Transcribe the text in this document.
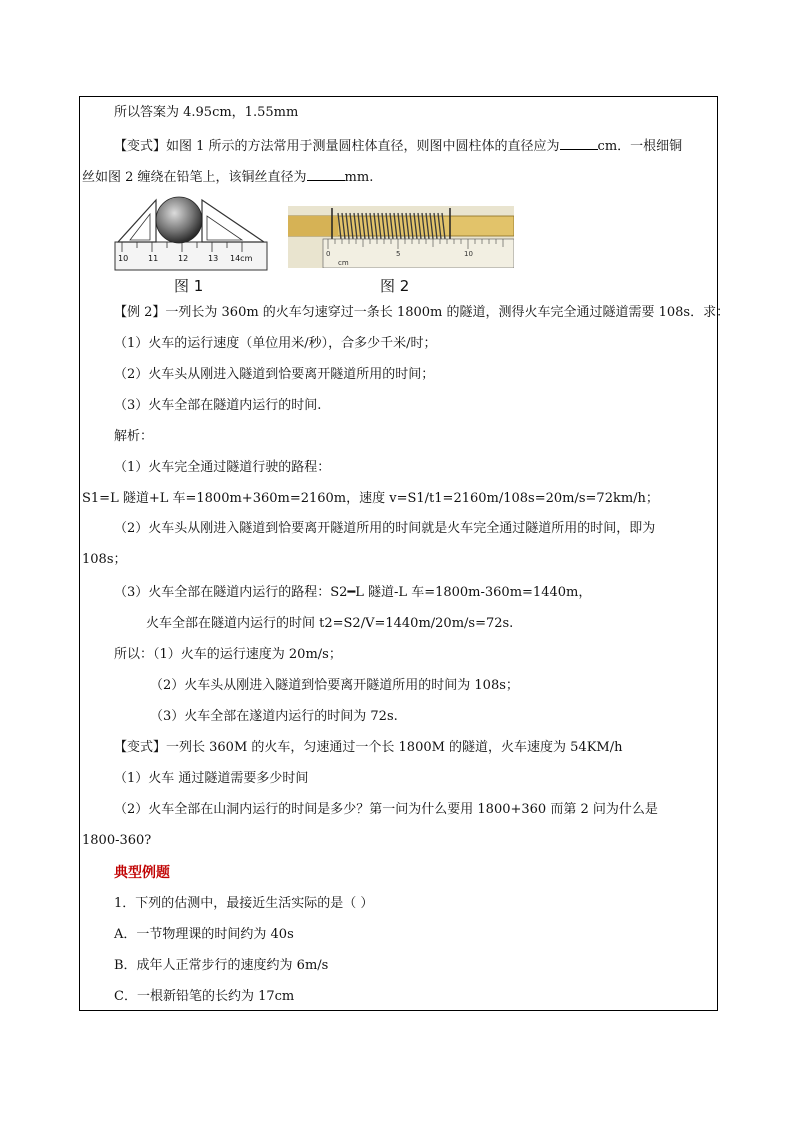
所以答案为 4.95cm，1.55mm
【变式】如图 1 所示的方法常用于测量圆柱体直径，则图中圆柱体的直径应为	cm．一根细铜
丝如图 2 缠绕在铅笔上，该铜丝直径为	mm.
10 11 12 13 14cm
图 1
0	5	10
cm
图 2
【例 2】一列长为 360m 的火车匀速穿过一条长 1800m 的隧道，测得火车完全通过隧道需要 108s．求：
（1）火车的运行速度（单位用米/秒），合多少千米/时；
（2）火车头从刚进入隧道到恰要离开隧道所用的时间；
（3）火车全部在隧道内运行的时间.
解析：
（1）火车完全通过隧道行驶的路程：
S1=L 隧道+L 车=1800m+360m=2160m，速度 v=S1/t1=2160m/108s=20m/s=72km/h；
（2）火车头从刚进入隧道到恰要离开隧道所用的时间就是火车完全通过隧道所用的时间，即为
108s；
（3）火车全部在隧道内运行的路程：S2━L 隧道-L 车=1800m-360m=1440m，
火车全部在隧道内运行的时间 t2=S2/V=1440m/20m/s=72s.
所以：（1）火车的运行速度为 20m/s；
（2）火车头从刚进入隧道到恰要离开隧道所用的时间为 108s；
（3）火车全部在遂道内运行的时间为 72s.
【变式】一列长 360M 的火车，匀速通过一个长 1800M 的隧道，火车速度为 54KM/h
（1）火车 通过隧道需要多少时间
（2）火车全部在山洞内运行的时间是多少？第一问为什么要用 1800+360 而第 2 问为什么是
1800-360?
典型例题
1．下列的估测中，最接近生活实际的是（ ）
A．一节物理课的时间约为 40s
B．成年人正常步行的速度约为 6m/s
C．一根新铅笔的长约为 17cm
